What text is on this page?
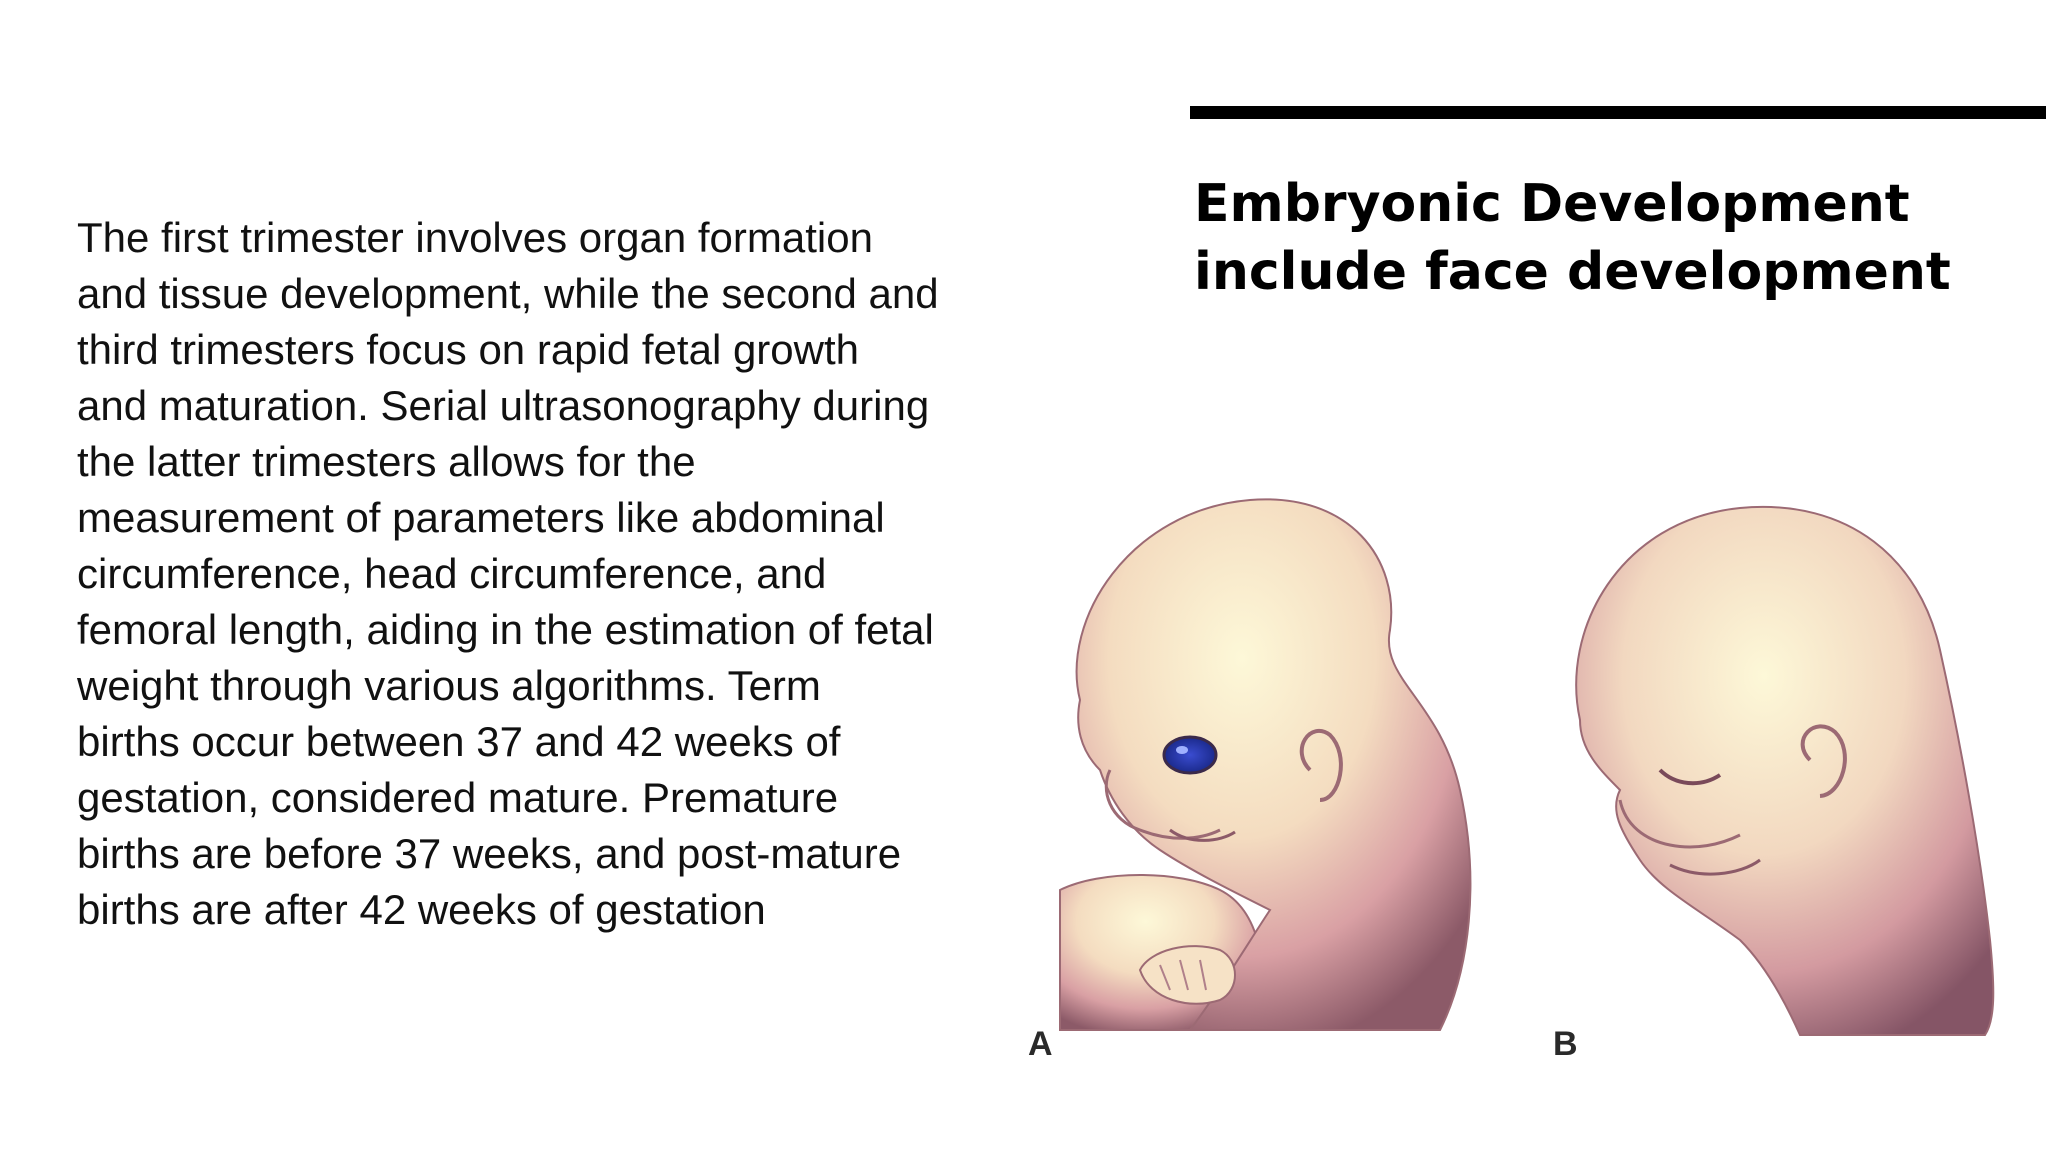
Embryonic Development
include face development

The first trimester involves organ formation
and tissue development, while the second and
third trimesters focus on rapid fetal growth
and maturation. Serial ultrasonography during
the latter trimesters allows for the
measurement of parameters like abdominal
circumference, head circumference, and
femoral length, aiding in the estimation of fetal
weight through various algorithms. Term
births occur between 37 and 42 weeks of
gestation, considered mature. Premature
births are before 37 weeks, and post-mature
births are after 42 weeks of gestation

A	B
